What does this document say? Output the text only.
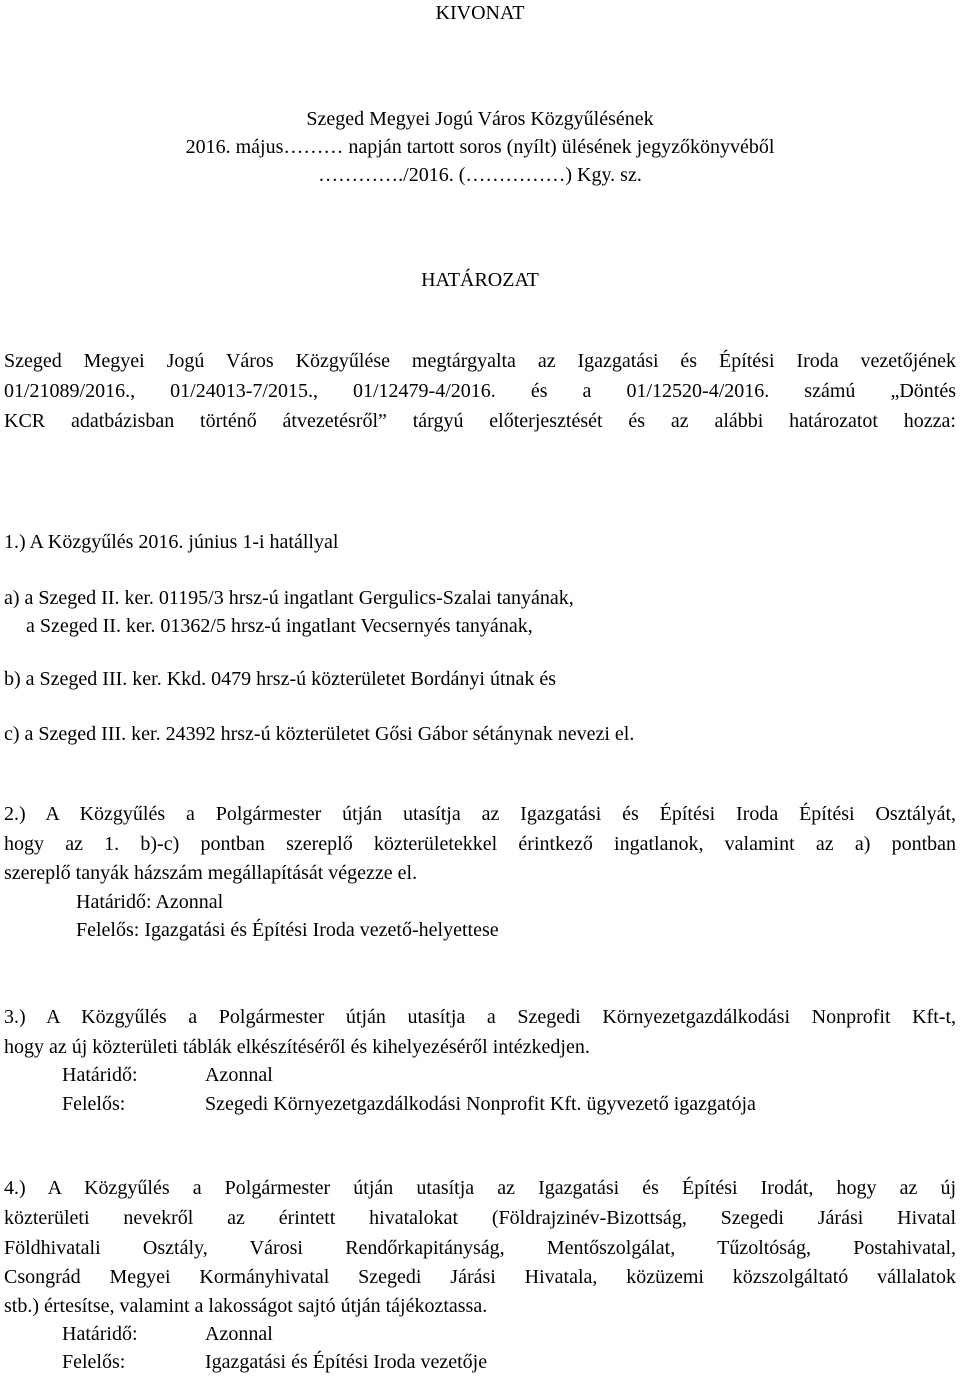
KIVONAT
Szeged Megyei Jogú Város Közgyűlésének
2016. május……… napján tartott soros (nyílt) ülésének jegyzőkönyvéből
…………./2016. (……………) Kgy. sz.
HATÁROZAT
Szeged Megyei Jogú Város Közgyűlése megtárgyalta az Igazgatási és Építési Iroda vezetőjének
01/21089/2016., 01/24013-7/2015., 01/12479-4/2016. és a 01/12520-4/2016. számú „Döntés
KCR adatbázisban történő átvezetésről” tárgyú előterjesztését és az alábbi határozatot hozza:
1.) A Közgyűlés 2016. június 1-i hatállyal
a) a Szeged II. ker. 01195/3 hrsz-ú ingatlant Gergulics-Szalai tanyának,
a Szeged II. ker. 01362/5 hrsz-ú ingatlant Vecsernyés tanyának,
b) a Szeged III. ker. Kkd. 0479 hrsz-ú közterületet Bordányi útnak és
c) a Szeged III. ker. 24392 hrsz-ú közterületet Gősi Gábor sétánynak nevezi el.
2.) A Közgyűlés a Polgármester útján utasítja az Igazgatási és Építési Iroda Építési Osztályát,
hogy az 1. b)-c) pontban szereplő közterületekkel érintkező ingatlanok, valamint az a) pontban
szereplő tanyák házszám megállapítását végezze el.
Határidő: Azonnal
Felelős: Igazgatási és Építési Iroda vezető-helyettese
3.) A Közgyűlés a Polgármester útján utasítja a Szegedi Környezetgazdálkodási Nonprofit Kft-t,
hogy az új közterületi táblák elkészítéséről és kihelyezéséről intézkedjen.
Határidő:	Azonnal
Felelős:	Szegedi Környezetgazdálkodási Nonprofit Kft. ügyvezető igazgatója
4.) A Közgyűlés a Polgármester útján utasítja az Igazgatási és Építési Irodát, hogy az új
közterületi nevekről az érintett hivatalokat (Földrajzinév-Bizottság, Szegedi Járási Hivatal
Földhivatali Osztály, Városi Rendőrkapitányság, Mentőszolgálat, Tűzoltóság, Postahivatal,
Csongrád Megyei Kormányhivatal Szegedi Járási Hivatala, közüzemi közszolgáltató vállalatok
stb.) értesítse, valamint a lakosságot sajtó útján tájékoztassa.
Határidő:	Azonnal
Felelős:	Igazgatási és Építési Iroda vezetője
